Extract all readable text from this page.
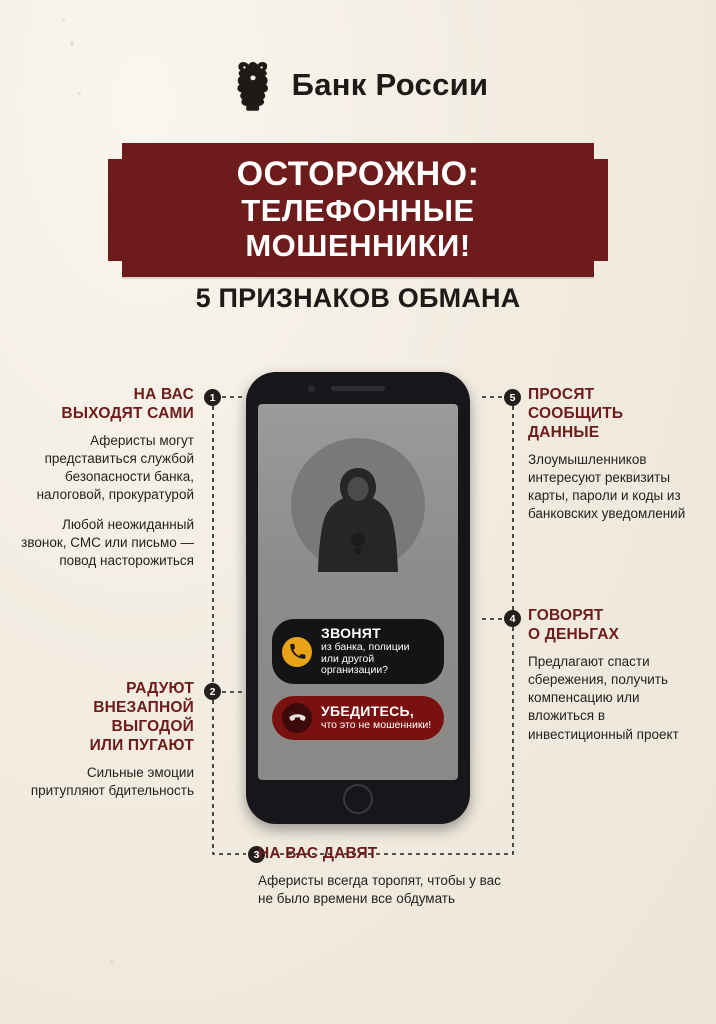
Банк России
ОСТОРОЖНО:
ТЕЛЕФОННЫЕ МОШЕННИКИ!
5 ПРИЗНАКОВ ОБМАНА
ЗВОНЯТ
из банка, полиции
или другой организации?
УБЕДИТЕСЬ,
что это не мошенники!
1
2
3
4
5
НА ВАС
ВЫХОДЯТ САМИ

Аферисты могут представиться службой безопасности банка, налоговой, прокуратурой

Любой неожиданный звонок, СМС или письмо — повод насторожиться

РАДУЮТ
ВНЕЗАПНОЙ
ВЫГОДОЙ
ИЛИ ПУГАЮТ

Сильные эмоции притупляют бдительность

НА ВАС ДАВЯТ

Аферисты всегда торопят, чтобы у вас не было времени все обдумать

ГОВОРЯТ
О ДЕНЬГАХ

Предлагают спасти сбережения, получить компенсацию или вложиться в инвестиционный проект

ПРОСЯТ
СООБЩИТЬ
ДАННЫЕ

Злоумышленников интересуют реквизиты карты, пароли и коды из банковских уведомлений
